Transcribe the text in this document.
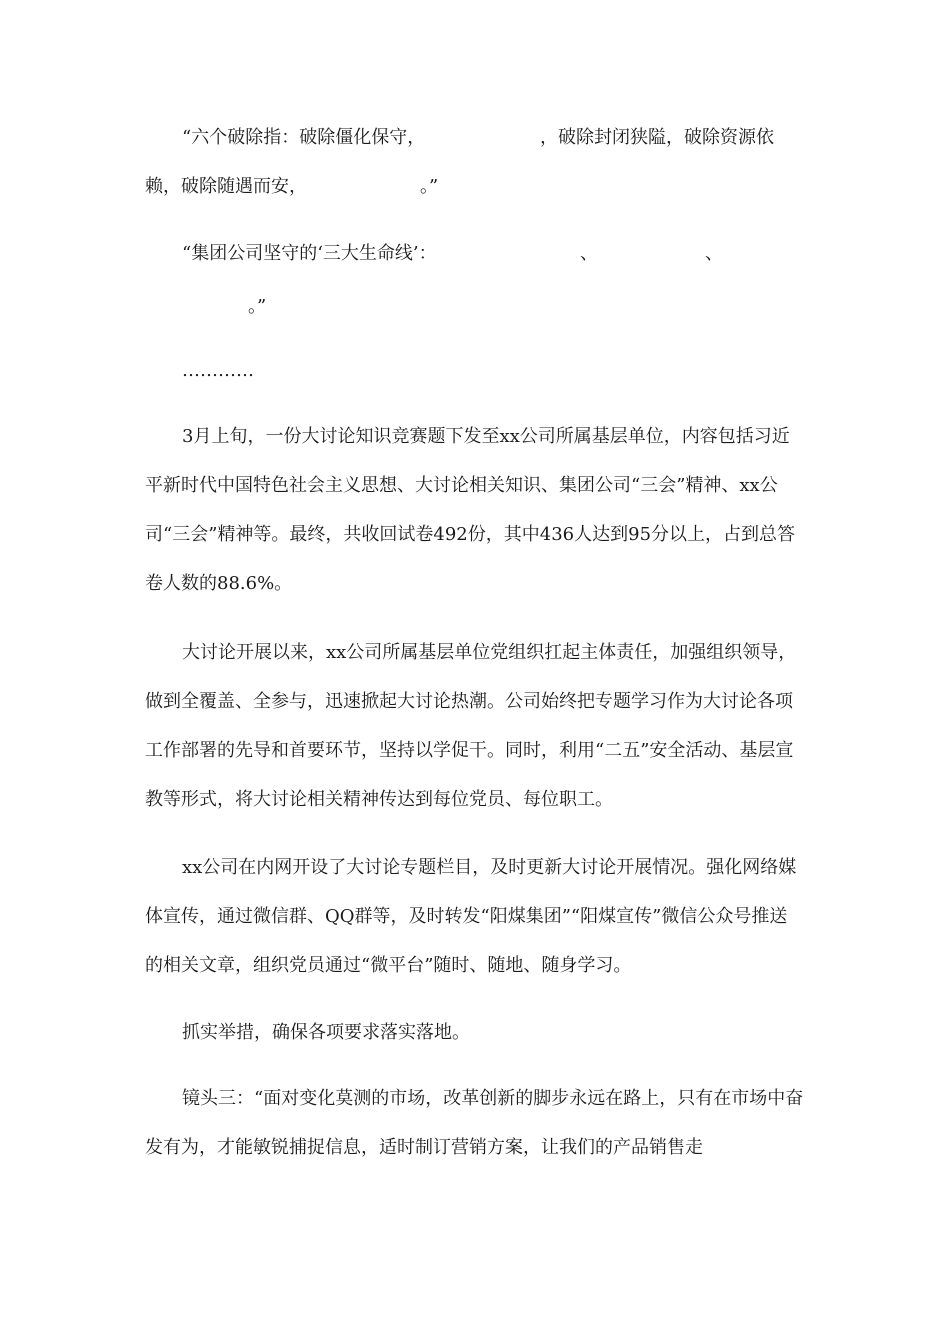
“六个破除指：破除僵化保守，	，破除封闭狭隘，破除资源依

赖，破除随遇而安，	。”

“集团公司坚守的‘三大生命线’：	、	、

。”

…………

3月上旬，一份大讨论知识竞赛题下发至xx公司所属基层单位，内容包括习近平新时代中国特色社会主义思想、大讨论相关知识、集团公司“三会”精神、xx公司“三会”精神等。最终，共收回试卷492份，其中436人达到95分以上，占到总答卷人数的88.6%。

大讨论开展以来，xx公司所属基层单位党组织扛起主体责任，加强组织领导，做到全覆盖、全参与，迅速掀起大讨论热潮。公司始终把专题学习作为大讨论各项工作部署的先导和首要环节，坚持以学促干。同时，利用“二五”安全活动、基层宣教等形式，将大讨论相关精神传达到每位党员、每位职工。

xx公司在内网开设了大讨论专题栏目，及时更新大讨论开展情况。强化网络媒体宣传，通过微信群、QQ群等，及时转发“阳煤集团”“阳煤宣传”微信公众号推送的相关文章，组织党员通过“微平台”随时、随地、随身学习。

抓实举措，确保各项要求落实落地。

镜头三：“面对变化莫测的市场，改革创新的脚步永远在路上，只有在市场中奋发有为，才能敏锐捕捉信息，适时制订营销方案，让我们的产品销售走
